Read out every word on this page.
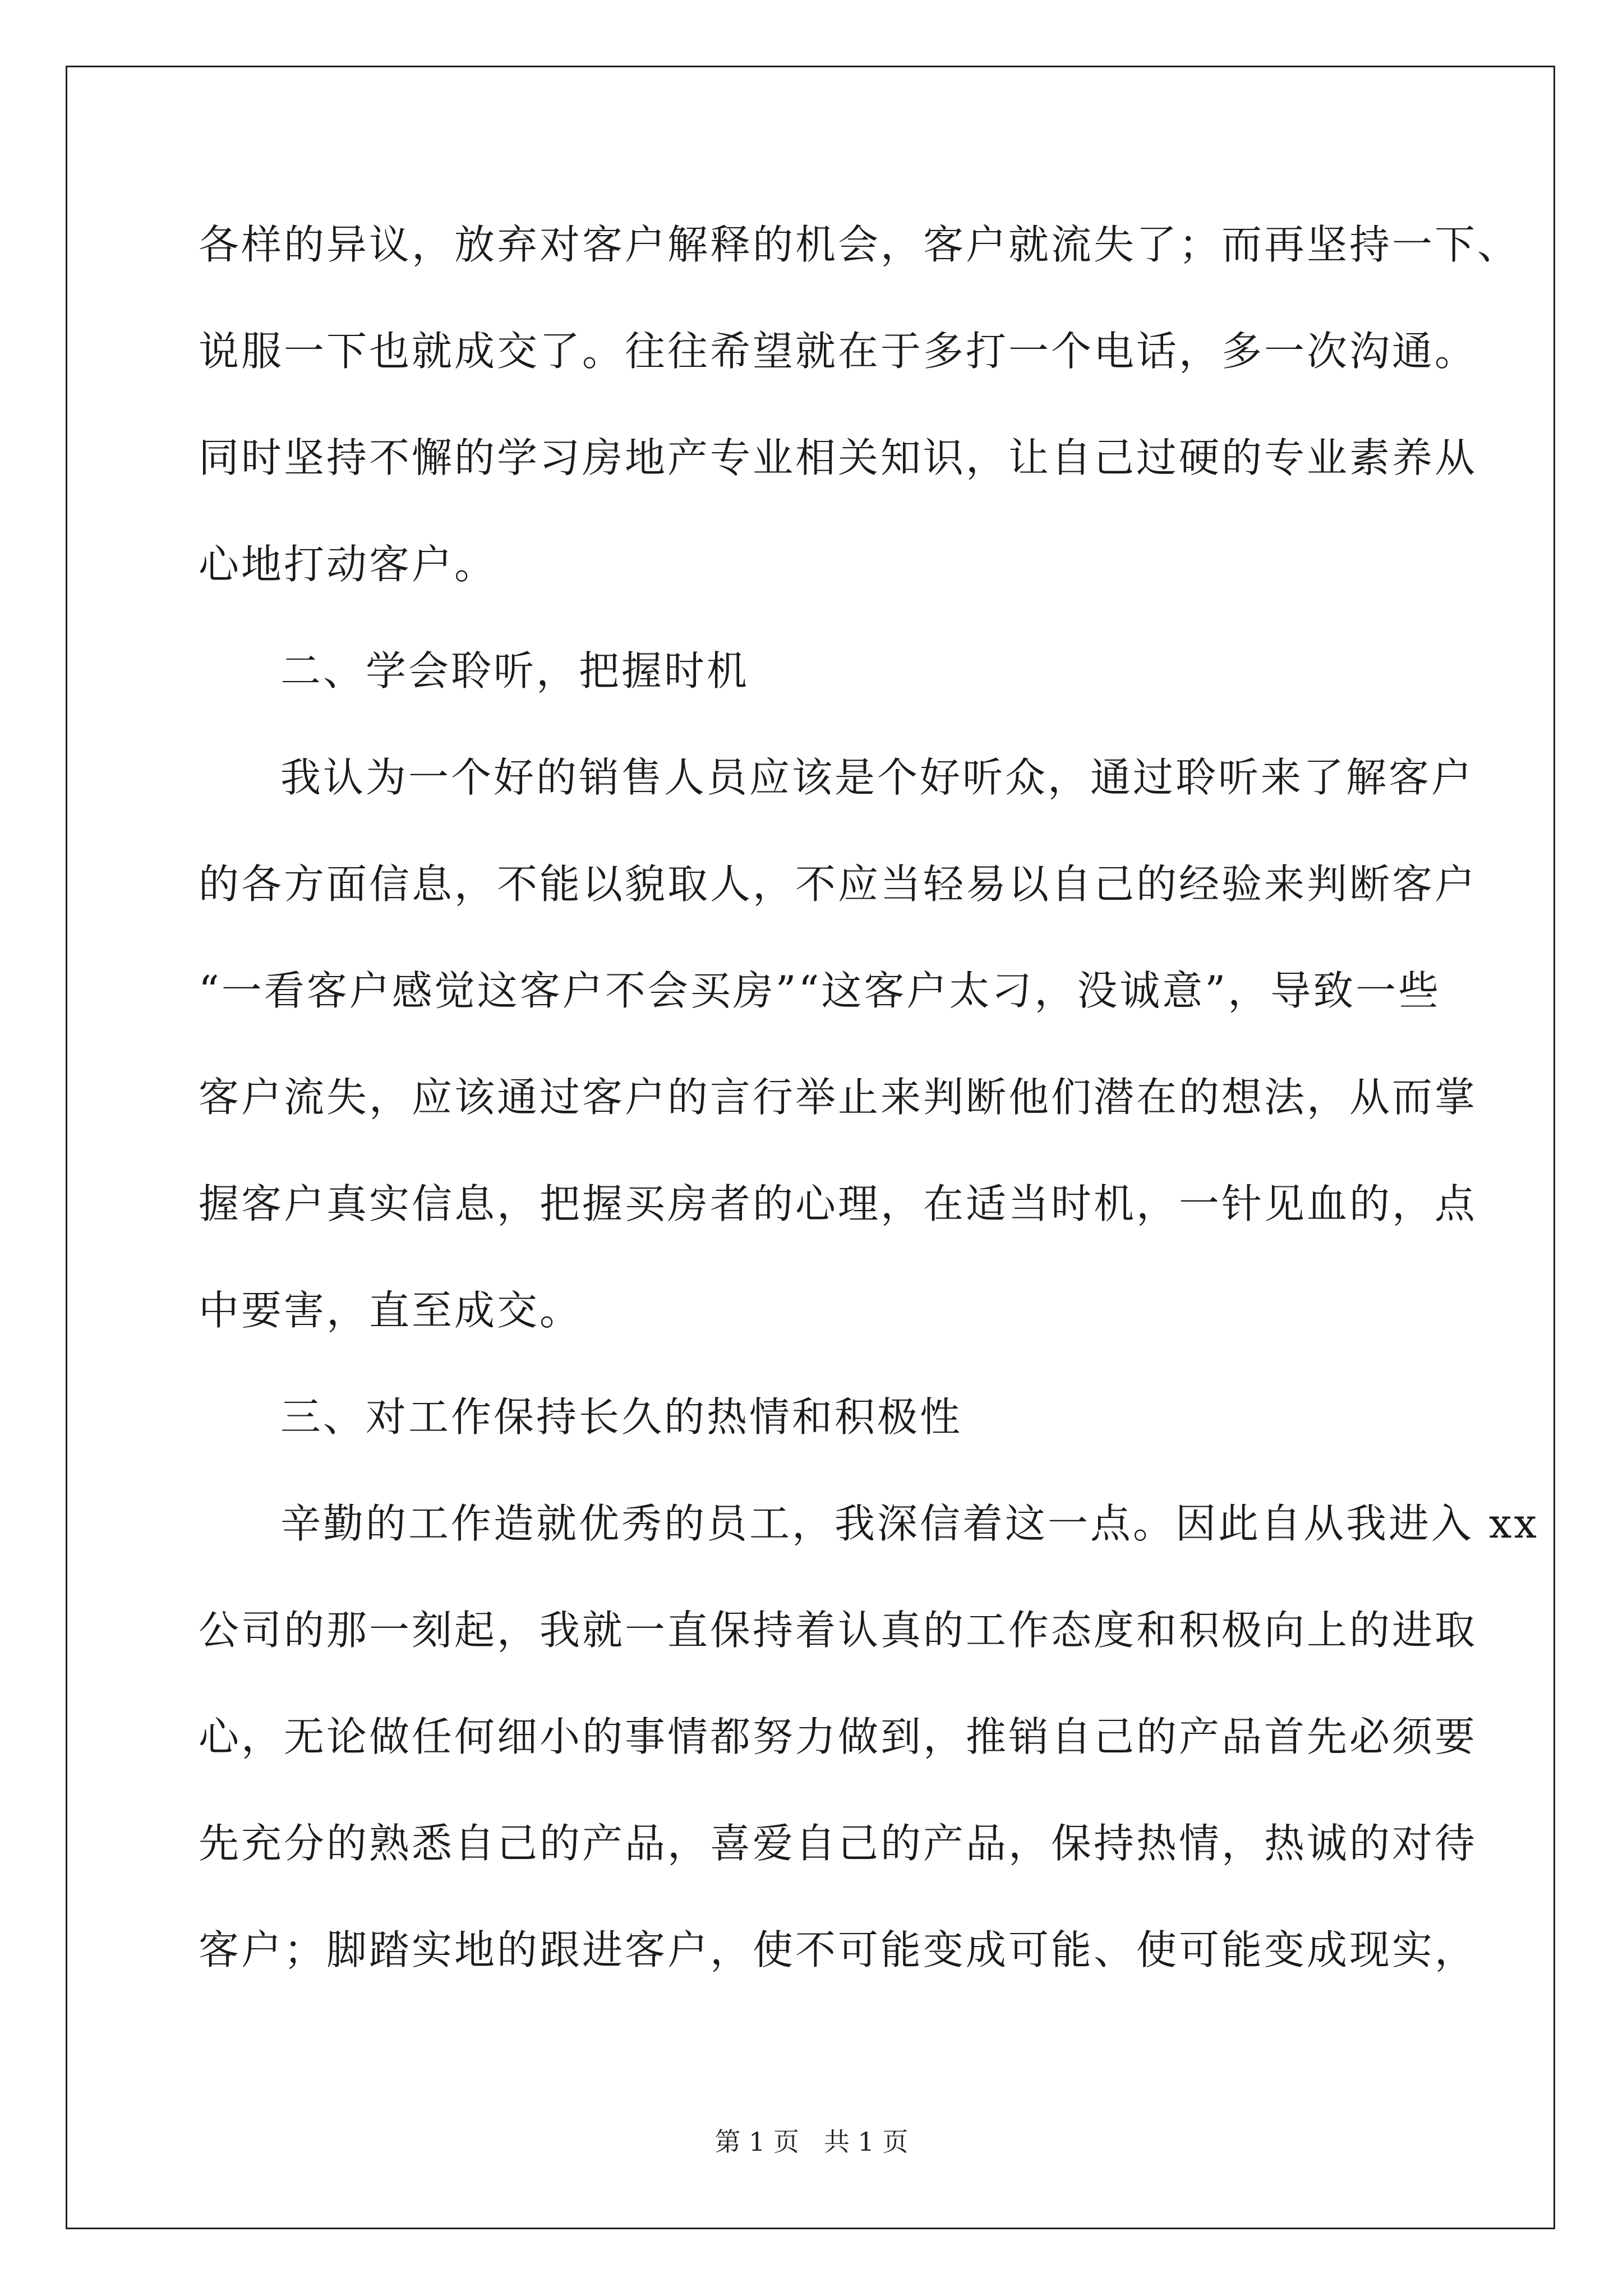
各样的异议，放弃对客户解释的机会，客户就流失了；而再坚持一下、
说服一下也就成交了。往往希望就在于多打一个电话，多一次沟通。
同时坚持不懈的学习房地产专业相关知识，让自己过硬的专业素养从
心地打动客户。
二、学会聆听，把握时机
我认为一个好的销售人员应该是个好听众，通过聆听来了解客户
的各方面信息，不能以貌取人，不应当轻易以自己的经验来判断客户
“一看客户感觉这客户不会买房”“这客户太刁，没诚意”，导致一些
客户流失，应该通过客户的言行举止来判断他们潜在的想法，从而掌
握客户真实信息，把握买房者的心理，在适当时机，一针见血的，点
中要害，直至成交。
三、对工作保持长久的热情和积极性
辛勤的工作造就优秀的员工，我深信着这一点。因此自从我进入 xx
公司的那一刻起，我就一直保持着认真的工作态度和积极向上的进取
心，无论做任何细小的事情都努力做到，推销自己的产品首先必须要
先充分的熟悉自己的产品，喜爱自己的产品，保持热情，热诚的对待
客户；脚踏实地的跟进客户，使不可能变成可能、使可能变成现实，
第 1 页 共 1 页
